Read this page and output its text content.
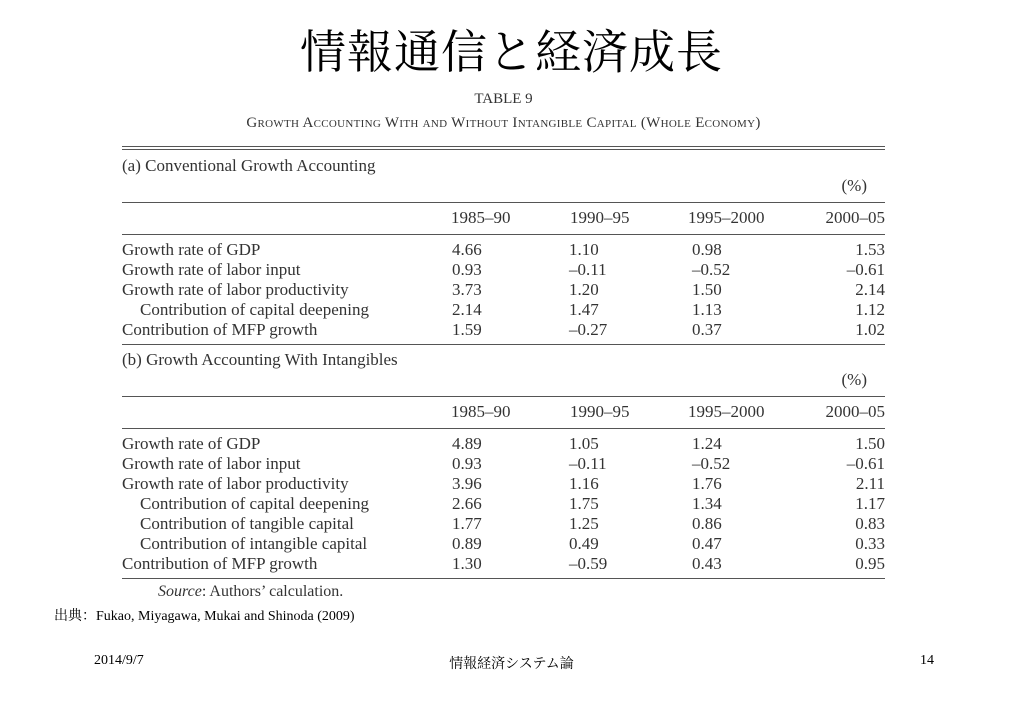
情報通信と経済成長
TABLE 9
Growth Accounting With and Without Intangible Capital (Whole Economy)
(a) Conventional Growth Accounting
(%)
1985–90	1990–95	1995–2000	2000–05
Growth rate of GDP	4.66	1.10	0.98	1.53
Growth rate of labor input	0.93	–0.11	–0.52	–0.61
Growth rate of labor productivity	3.73	1.20	1.50	2.14
Contribution of capital deepening	2.14	1.47	1.13	1.12
Contribution of MFP growth	1.59	–0.27	0.37	1.02
(b) Growth Accounting With Intangibles
(%)
1985–90	1990–95	1995–2000	2000–05
Growth rate of GDP	4.89	1.05	1.24	1.50
Growth rate of labor input	0.93	–0.11	–0.52	–0.61
Growth rate of labor productivity	3.96	1.16	1.76	2.11
Contribution of capital deepening	2.66	1.75	1.34	1.17
Contribution of tangible capital	1.77	1.25	0.86	0.83
Contribution of intangible capital	0.89	0.49	0.47	0.33
Contribution of MFP growth	1.30	–0.59	0.43	0.95
Source: Authors’ calculation.
出典：Fukao, Miyagawa, Mukai and Shinoda (2009)
2014/9/7	情報経済システム論	14
